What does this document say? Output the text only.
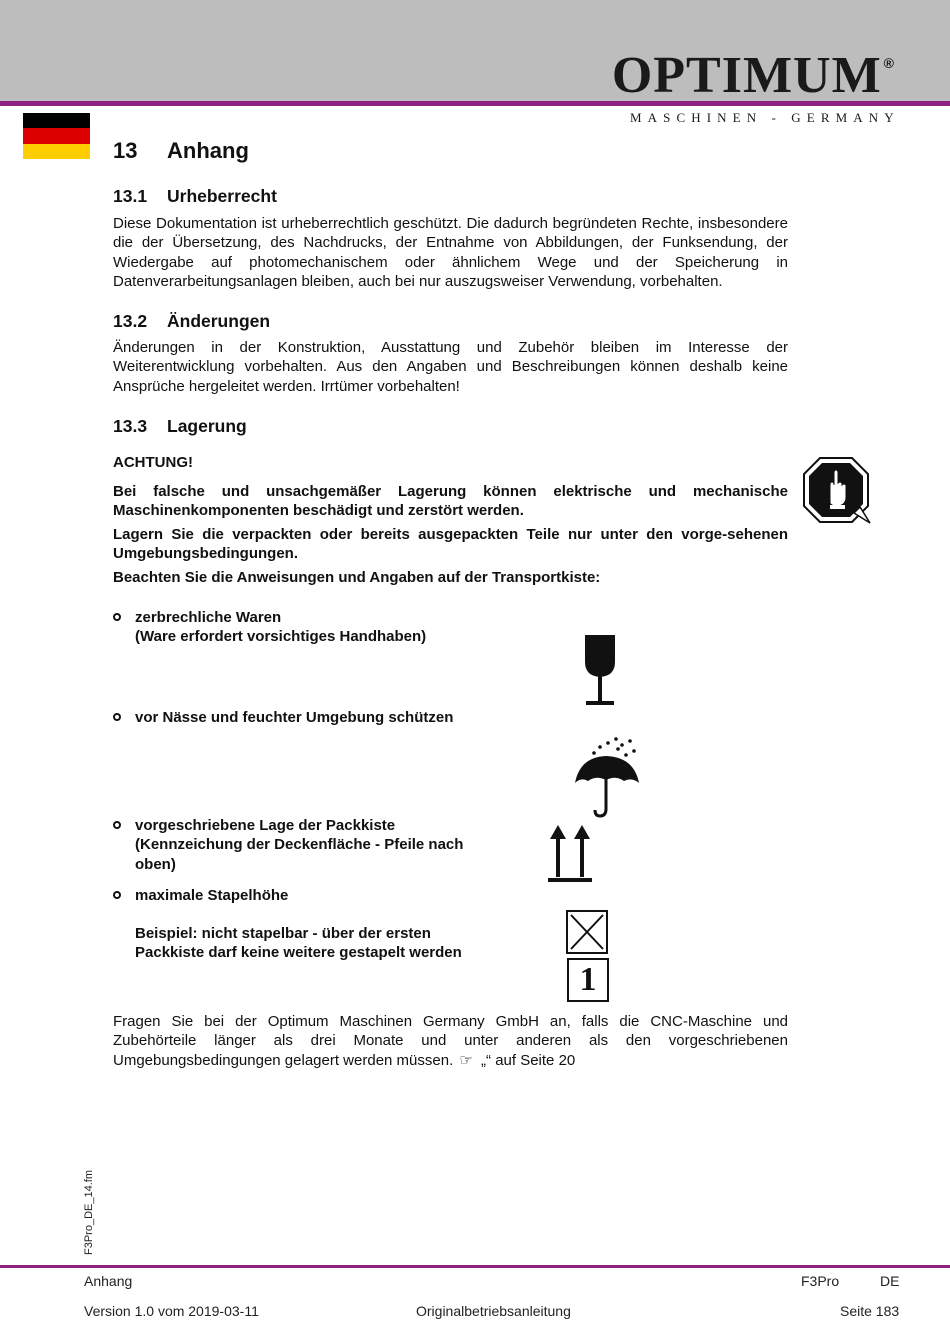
OPTIMUM ®
MASCHINEN - GERMANY
13 Anhang
13.1 Urheberrecht
Diese Dokumentation ist urheberrechtlich geschützt. Die dadurch begründeten Rechte, insbesondere die der Übersetzung, des Nachdrucks, der Entnahme von Abbildungen, der Funksendung, der Wiedergabe auf photomechanischem oder ähnlichem Wege und der Speicherung in Datenverarbeitungsanlagen bleiben, auch bei nur auszugsweiser Verwendung, vorbehalten.
13.2 Änderungen
Änderungen in der Konstruktion, Ausstattung und Zubehör bleiben im Interesse der Weiterentwicklung vorbehalten. Aus den Angaben und Beschreibungen können deshalb keine Ansprüche hergeleitet werden. Irrtümer vorbehalten!
13.3 Lagerung
ACHTUNG!
Bei falsche und unsachgemäßer Lagerung können elektrische und mechanische Maschinenkomponenten beschädigt und zerstört werden.
Lagern Sie die verpackten oder bereits ausgepackten Teile nur unter den vorge-sehenen Umgebungsbedingungen.
Beachten Sie die Anweisungen und Angaben auf der Transportkiste:
zerbrechliche Waren
(Ware erfordert vorsichtiges Handhaben)
vor Nässe und feuchter Umgebung schützen
vorgeschriebene Lage der Packkiste
(Kennzeichung der Deckenfläche - Pfeile nach
oben)
maximale Stapelhöhe
Beispiel: nicht stapelbar - über der ersten
Packkiste darf keine weitere gestapelt werden
1
Fragen Sie bei der Optimum Maschinen Germany GmbH an, falls die CNC-Maschine und Zubehörteile länger als drei Monate und unter anderen als den vorgeschriebenen Umgebungsbedingungen gelagert werden müssen. ☞ „“ auf Seite 20
F3Pro_DE_14.fm
Anhang	F3Pro	DE
Version 1.0 vom 2019-03-11	Originalbetriebsanleitung	Seite 183
